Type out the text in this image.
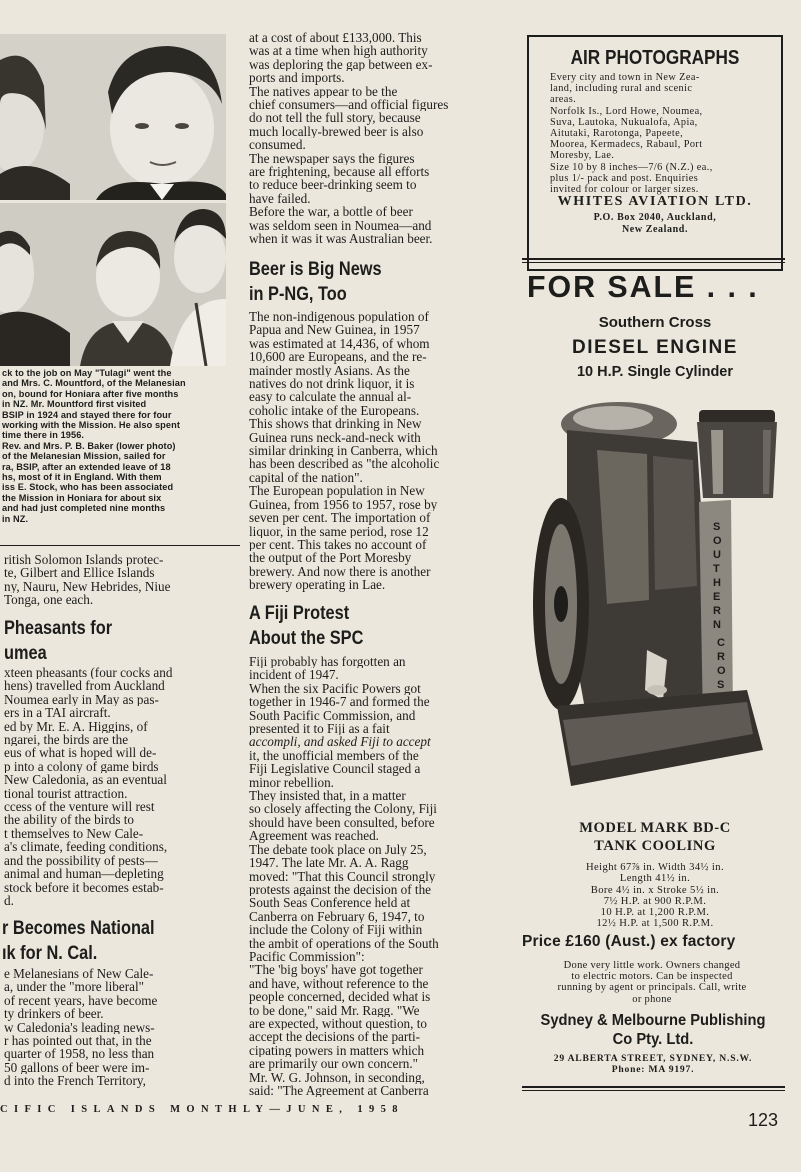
ck to the job on May "Tulagi" went the

and Mrs. C. Mountford, of the Melanesian

on, bound for Honiara after five months

in NZ. Mr. Mountford first visited

BSIP in 1924 and stayed there for four

working with the Mission. He also spent

time there in 1956.

Rev. and Mrs. P. B. Baker (lower photo)

of the Melanesian Mission, sailed for

ra, BSIP, after an extended leave of 18

hs, most of it in England. With them

iss E. Stock, who has been associated

the Mission in Honiara for about six

and had just completed nine months

in NZ.

ritish Solomon Islands protec-

te, Gilbert and Ellice Islands

ny, Nauru, New Hebrides, Niue

Tonga, one each.

Pheasants for

umea

xteen pheasants (four cocks and

hens) travelled from Auckland

Noumea early in May as pas-

ers in a TAI aircraft.

ed by Mr. E. A. Higgins, of

ngarei, the birds are the

eus of what is hoped will de-

p into a colony of game birds

New Caledonia, as an eventual

tional tourist attraction.

ccess of the venture will rest

the ability of the birds to

t themselves to New Cale-

a's climate, feeding conditions,

and the possibility of pests—

animal and human—depleting

stock before it becomes estab-

d.

r Becomes National

ık for N. Cal.

e Melanesians of New Cale-

a, under the "more liberal"

of recent years, have become

ty drinkers of beer.

w Caledonia's leading news-

r has pointed out that, in the

quarter of 1958, no less than

50 gallons of beer were im-

d into the French Territory,

at a cost of about £133,000. This

was at a time when high authority

was deploring the gap between ex-

ports and imports.

The natives appear to be the

chief consumers—and official figures

do not tell the full story, because

much locally-brewed beer is also

consumed.

The newspaper says the figures

are frightening, because all efforts

to reduce beer-drinking seem to

have failed.

Before the war, a bottle of beer

was seldom seen in Noumea—and

when it was it was Australian beer.

Beer is Big News

in P-NG, Too

The non-indigenous population of

Papua and New Guinea, in 1957

was estimated at 14,436, of whom

10,600 are Europeans, and the re-

mainder mostly Asians. As the

natives do not drink liquor, it is

easy to calculate the annual al-

coholic intake of the Europeans.

This shows that drinking in New

Guinea runs neck-and-neck with

similar drinking in Canberra, which

has been described as "the alcoholic

capital of the nation".

The European population in New

Guinea, from 1956 to 1957, rose by

seven per cent. The importation of

liquor, in the same period, rose 12

per cent. This takes no account of

the output of the Port Moresby

brewery. And now there is another

brewery operating in Lae.

A Fiji Protest

About the SPC

Fiji probably has forgotten an

incident of 1947.

When the six Pacific Powers got

together in 1946-7 and formed the

South Pacific Commission, and

presented it to Fiji as a fait

accompli, and asked Fiji to accept

it, the unofficial members of the

Fiji Legislative Council staged a

minor rebellion.

They insisted that, in a matter

so closely affecting the Colony, Fiji

should have been consulted, before

Agreement was reached.

The debate took place on July 25,

1947. The late Mr. A. A. Ragg

moved: "That this Council strongly

protests against the decision of the

South Seas Conference held at

Canberra on February 6, 1947, to

include the Colony of Fiji within

the ambit of operations of the South

Pacific Commission":

"The 'big boys' have got together

and have, without reference to the

people concerned, decided what is

to be done," said Mr. Ragg. "We

are expected, without question, to

accept the decisions of the parti-

cipating powers in matters which

are primarily our own concern."

Mr. W. G. Johnson, in seconding,

said: "The Agreement at Canberra

AIR PHOTOGRAPHS

Every city and town in New Zea-

land, including rural and scenic

areas.

Norfolk Is., Lord Howe, Noumea,

Suva, Lautoka, Nukualofa, Apia,

Aitutaki, Rarotonga, Papeete,

Moorea, Kermadecs, Rabaul, Port

Moresby, Lae.

Size 10 by 8 inches—7/6 (N.Z.) ea.,

plus 1/- pack and post. Enquiries

invited for colour or larger sizes.

WHITES AVIATION LTD.

P.O. Box 2040, Auckland,

New Zealand.

FOR SALE . . .
Southern Cross
DIESEL ENGINE
10 H.P. Single Cylinder
S O U T H E R N C R O S
MODEL MARK BD-C
TANK COOLING

Height 67⅞ in. Width 34½ in.

Length 41½ in.

Bore 4½ in. x Stroke 5½ in.

7½ H.P. at 900 R.P.M.

10 H.P. at 1,200 R.P.M.

12½ H.P. at 1,500 R.P.M.

Price £160 (Aust.) ex factory

Done very little work. Owners changed

to electric motors. Can be inspected

running by agent or principals. Call, write

or phone

Sydney & Melbourne Publishing
Co Pty. Ltd.

29 ALBERTA STREET, SYDNEY, N.S.W.

Phone: MA 9197.

CIFIC ISLANDS MONTHLY—JUNE, 1958
123
